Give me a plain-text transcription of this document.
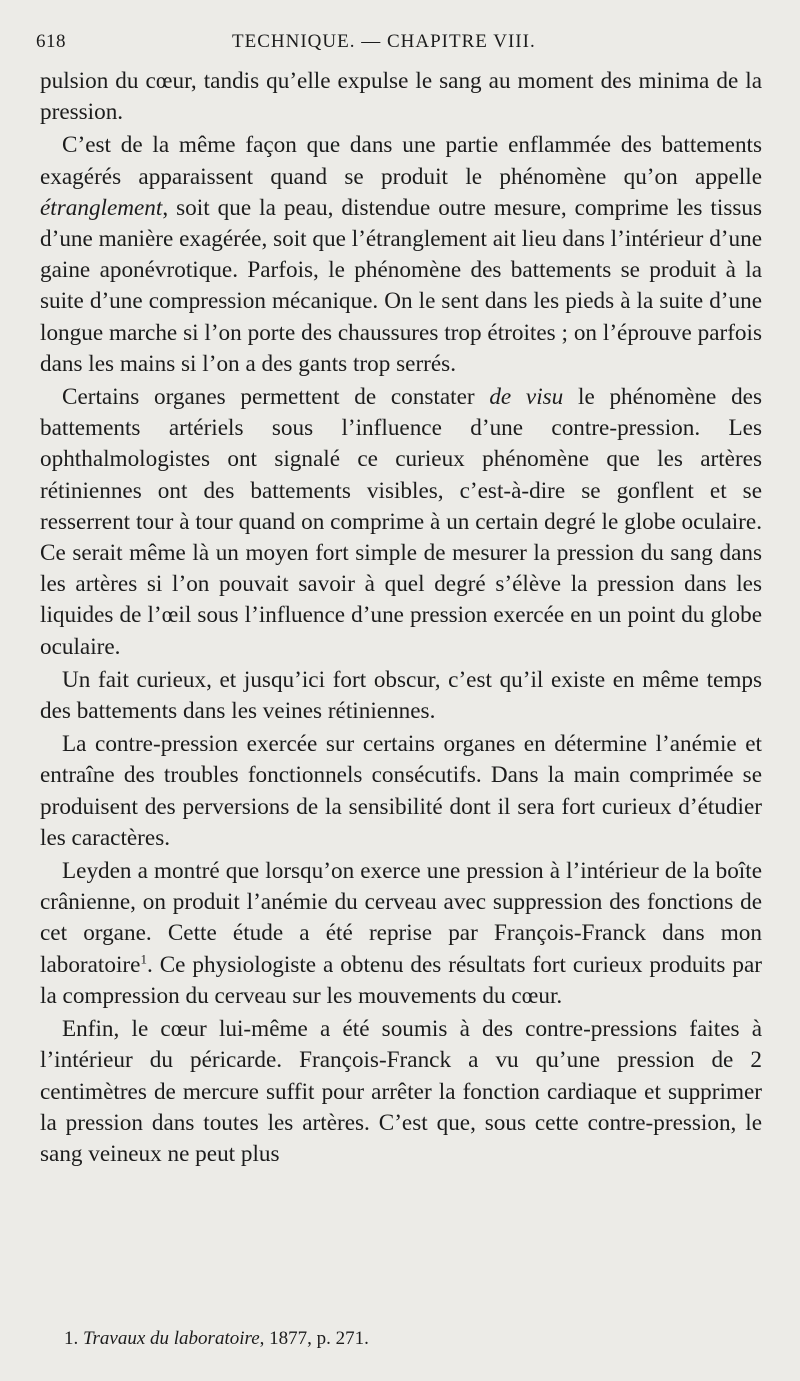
618	TECHNIQUE. — CHAPITRE VIII.

pulsion du cœur, tandis qu’elle expulse le sang au moment des minima de la pression.

C’est de la même façon que dans une partie enflammée des battements exagérés apparaissent quand se produit le phénomène qu’on appelle étranglement, soit que la peau, distendue outre mesure, comprime les tissus d’une manière exagérée, soit que l’étranglement ait lieu dans l’intérieur d’une gaine aponévrotique. Parfois, le phénomène des battements se produit à la suite d’une compression mécanique. On le sent dans les pieds à la suite d’une longue marche si l’on porte des chaussures trop étroites ; on l’éprouve parfois dans les mains si l’on a des gants trop serrés.

Certains organes permettent de constater de visu le phénomène des battements artériels sous l’influence d’une contre-pression. Les ophthalmologistes ont signalé ce curieux phénomène que les artères rétiniennes ont des battements visibles, c’est-à-dire se gonflent et se resserrent tour à tour quand on comprime à un certain degré le globe oculaire. Ce serait même là un moyen fort simple de mesurer la pression du sang dans les artères si l’on pouvait savoir à quel degré s’élève la pression dans les liquides de l’œil sous l’influence d’une pression exercée en un point du globe oculaire.

Un fait curieux, et jusqu’ici fort obscur, c’est qu’il existe en même temps des battements dans les veines rétiniennes.

La contre-pression exercée sur certains organes en détermine l’anémie et entraîne des troubles fonctionnels consécutifs. Dans la main comprimée se produisent des perversions de la sensibilité dont il sera fort curieux d’étudier les caractères.

Leyden a montré que lorsqu’on exerce une pression à l’intérieur de la boîte crânienne, on produit l’anémie du cerveau avec suppression des fonctions de cet organe. Cette étude a été reprise par François-Franck dans mon laboratoire$^1$. Ce physiologiste a obtenu des résultats fort curieux produits par la compression du cerveau sur les mouvements du cœur.

Enfin, le cœur lui-même a été soumis à des contre-pressions faites à l’intérieur du péricarde. François-Franck a vu qu’une pression de 2 centimètres de mercure suffit pour arrêter la fonction cardiaque et supprimer la pression dans toutes les artères. C’est que, sous cette contre-pression, le sang veineux ne peut plus

1. Travaux du laboratoire, 1877, p. 271.
